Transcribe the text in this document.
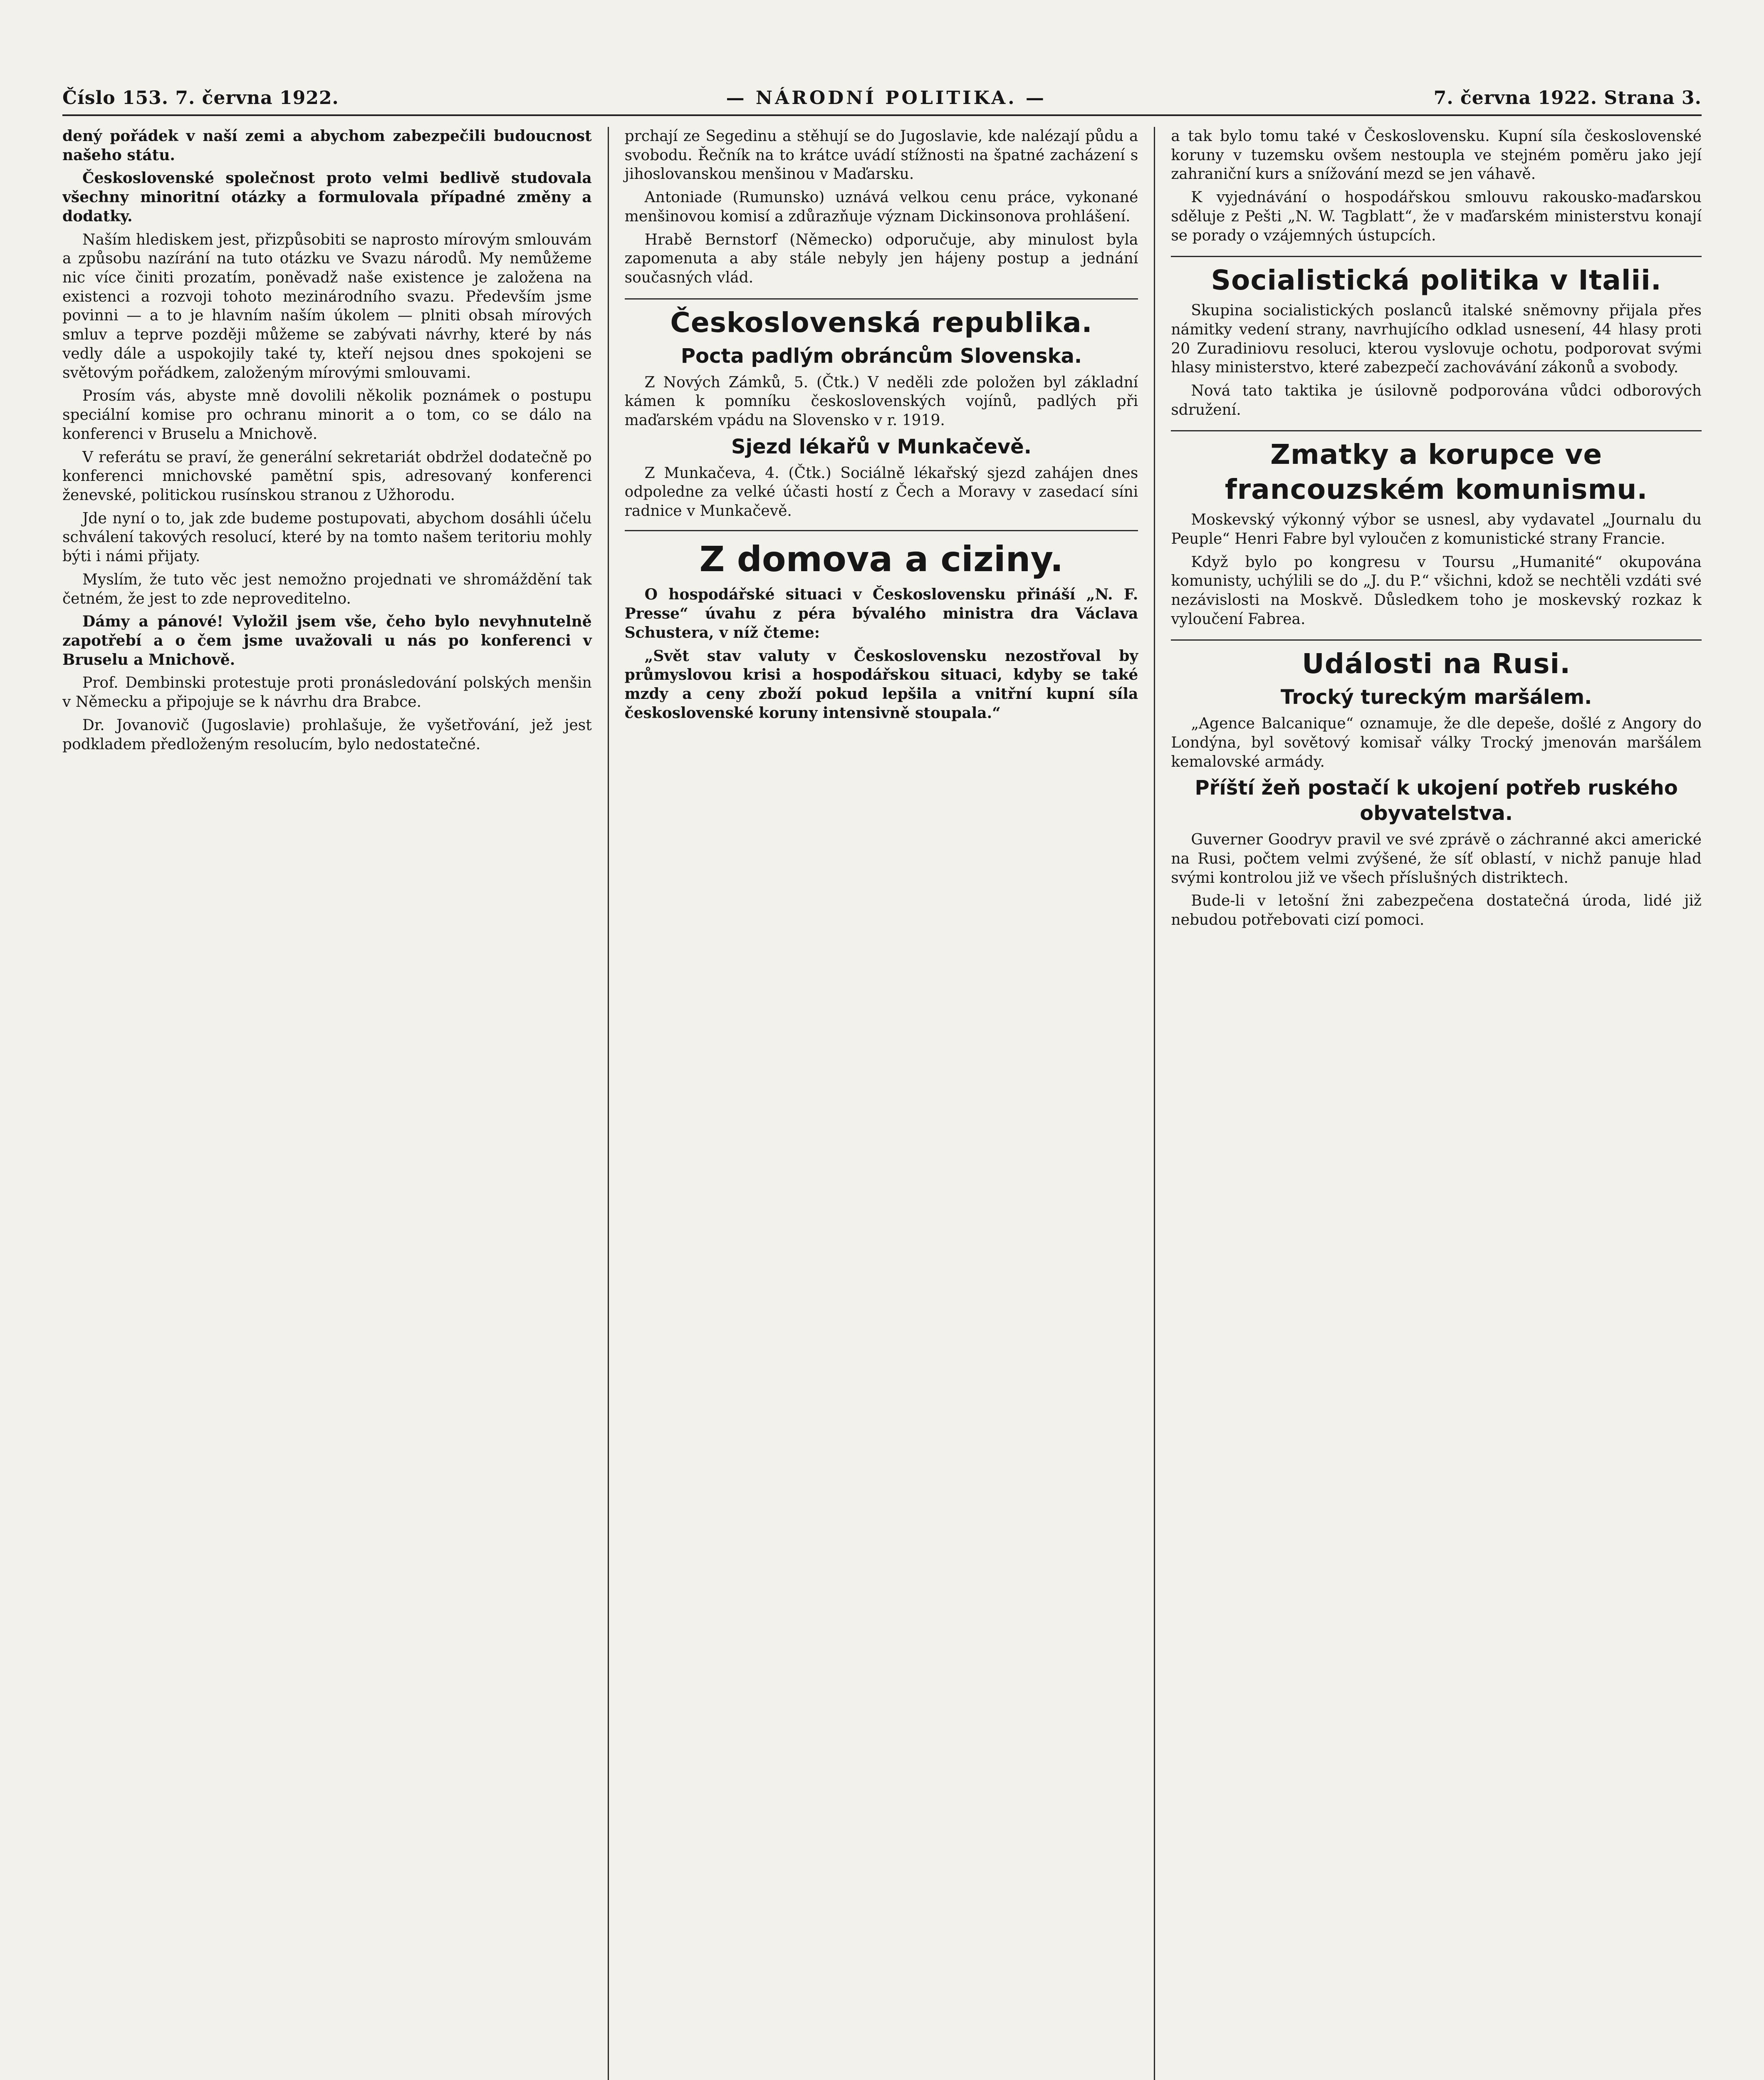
Číslo 153. 7. června 1922.	— NÁRODNÍ POLITIKA. —	7. června 1922. Strana 3.

dený pořádek v naší zemi a abychom zabezpečili budoucnost našeho státu.

Československé společnost proto velmi bedlivě studovala všechny minoritní otázky a formulovala případné změny a dodatky.

Naším hlediskem jest, přizpůsobiti se naprosto mírovým smlouvám a způsobu nazírání na tuto otázku ve Svazu národů. My nemůžeme nic více činiti prozatím, poněvadž naše existence je založena na existenci a rozvoji tohoto mezinárodního svazu. Především jsme povinni — a to je hlavním naším úkolem — plniti obsah mírových smluv a teprve později můžeme se zabývati návrhy, které by nás vedly dále a uspokojily také ty, kteří nejsou dnes spokojeni se světovým pořádkem, založeným mírovými smlouvami.

Prosím vás, abyste mně dovolili několik poznámek o postupu speciální komise pro ochranu minorit a o tom, co se dálo na konferenci v Bruselu a Mnichově.

V referátu se praví, že generální sekretariát obdržel dodatečně po konferenci mnichovské pamětní spis, adresovaný konferenci ženevské, politickou rusínskou stranou z Užhorodu.

Jde nyní o to, jak zde budeme postupovati, abychom dosáhli účelu schválení takových resolucí, které by na tomto našem teritoriu mohly býti i námi přijaty.

Myslím, že tuto věc jest nemožno projednati ve shromáždění tak četném, že jest to zde neproveditelno.

Dámy a pánové! Vyložil jsem vše, čeho bylo nevyhnutelně zapotřebí a o čem jsme uvažovali u nás po konferenci v Bruselu a Mnichově.

Prof. Dembinski protestuje proti pronásledování polských menšin v Německu a připojuje se k návrhu dra Brabce.

Dr. Jovanovič (Jugoslavie) prohlašuje, že vyšetřování, jež jest podkladem předloženým resolucím, bylo nedostatečné.

prchají ze Segedinu a stěhují se do Jugoslavie, kde nalézají půdu a svobodu. Řečník na to krátce uvádí stížnosti na špatné zacházení s jihoslovanskou menšinou v Maďarsku.

Antoniade (Rumunsko) uznává velkou cenu práce, vykonané menšinovou komisí a zdůrazňuje význam Dickinsonova prohlášení.

Hrabě Bernstorf (Německo) odporučuje, aby minulost byla zapomenuta a aby stále nebyly jen hájeny postup a jednání současných vlád.

Československá republika.
Pocta padlým obráncům Slovenska.

Z Nových Zámků, 5. (Čtk.) V neděli zde položen byl základní kámen k pomníku československých vojínů, padlých při maďarském vpádu na Slovensko v r. 1919.

Sjezd lékařů v Munkačevě.

Z Munkačeva, 4. (Čtk.) Sociálně lékařský sjezd zahájen dnes odpoledne za velké účasti hostí z Čech a Moravy v zasedací síni radnice v Munkačevě.

Z domova a ciziny.

O hospodářské situaci v Československu přináší „N. F. Presse“ úvahu z péra bývalého ministra dra Václava Schustera, v níž čteme:

„Svět stav valuty v Československu nezostřoval by průmyslovou krisi a hospodářskou situaci, kdyby se také mzdy a ceny zboží pokud lepšila a vnitřní kupní síla československé koruny intensivně stoupala.“

a tak bylo tomu také v Československu. Kupní síla československé koruny v tuzemsku ovšem nestoupla ve stejném poměru jako její zahraniční kurs a snížování mezd se jen váhavě.

K vyjednávání o hospodářskou smlouvu rakousko-maďarskou sděluje z Pešti „N. W. Tagblatt“, že v maďarském ministerstvu konají se porady o vzájemných ústupcích.

Socialistická politika v Italii.

Skupina socialistických poslanců italské sněmovny přijala přes námitky vedení strany, navrhujícího odklad usnesení, 44 hlasy proti 20 Zuradiniovu resoluci, kterou vyslovuje ochotu, podporovat svými hlasy ministerstvo, které zabezpečí zachovávání zákonů a svobody.

Nová tato taktika je úsilovně podporována vůdci odborových sdružení.

Zmatky a korupce ve francouzském komunismu.

Moskevský výkonný výbor se usnesl, aby vydavatel „Journalu du Peuple“ Henri Fabre byl vyloučen z komunistické strany Francie.

Když bylo po kongresu v Toursu „Humanité“ okupována komunisty, uchýlili se do „J. du P.“ všichni, kdož se nechtěli vzdáti své nezávislosti na Moskvě. Důsledkem toho je moskevský rozkaz k vyloučení Fabrea.

Události na Rusi.
Trocký tureckým maršálem.

„Agence Balcanique“ oznamuje, že dle depeše, došlé z Angory do Londýna, byl sovětový komisař války Trocký jmenován maršálem kemalovské armády.

Příští žeň postačí k ukojení potřeb ruského obyvatelstva.

Guverner Goodryv pravil ve své zprávě o záchranné akci americké na Rusi, počtem velmi zvýšené, že síť oblastí, v nichž panuje hlad svými kontrolou již ve všech příslušných distriktech.

Bude-li v letošní žni zabezpečena dostatečná úroda, lidé již nebudou potřebovati cizí pomoci.
